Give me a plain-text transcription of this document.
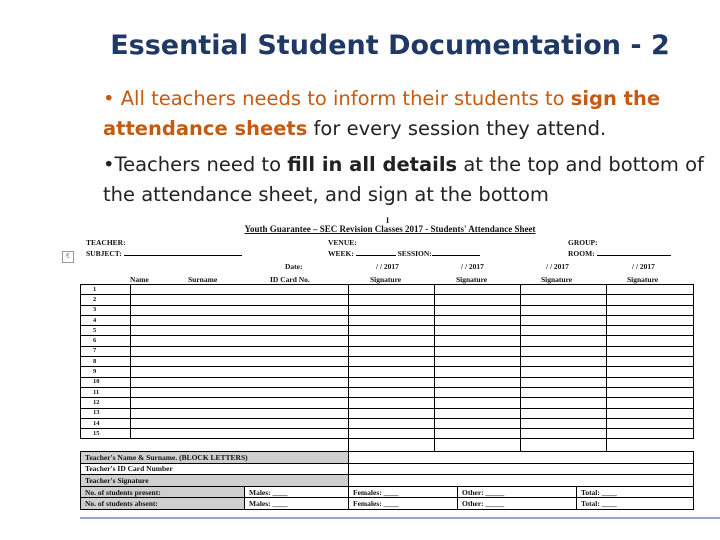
Essential Student Documentation - 2
• All teachers needs to inform their students to sign the attendance sheets for every session they attend.
•Teachers need to fill in all details at the top and bottom of the attendance sheet, and sign at the bottom
€
I
Youth Guarantee – SEC Revision Classes 2017 - Students' Attendance Sheet
TEACHER:
SUBJECT:
VENUE:
WEEK:	SESSION:
GROUP:
ROOM:
Date:	/ / 2017	/ / 2017	/ / 2017	/ / 2017
Name	Surname	ID Card No.	Signature	Signature	Signature	Signature
1	
2	
3	
4	
5	
6	
7	
8	
9	
10	
11	
12	
13	
14	
15	
Teacher's Name & Surname. (BLOCK LETTERS)				
Teacher's ID Card Number				
Teacher's Signature				
No. of students present:	Males: ____	Females: ____	Other: _____	Total: ____
No. of students absent:	Males: ____	Females: ____	Other: _____	Total: ____
